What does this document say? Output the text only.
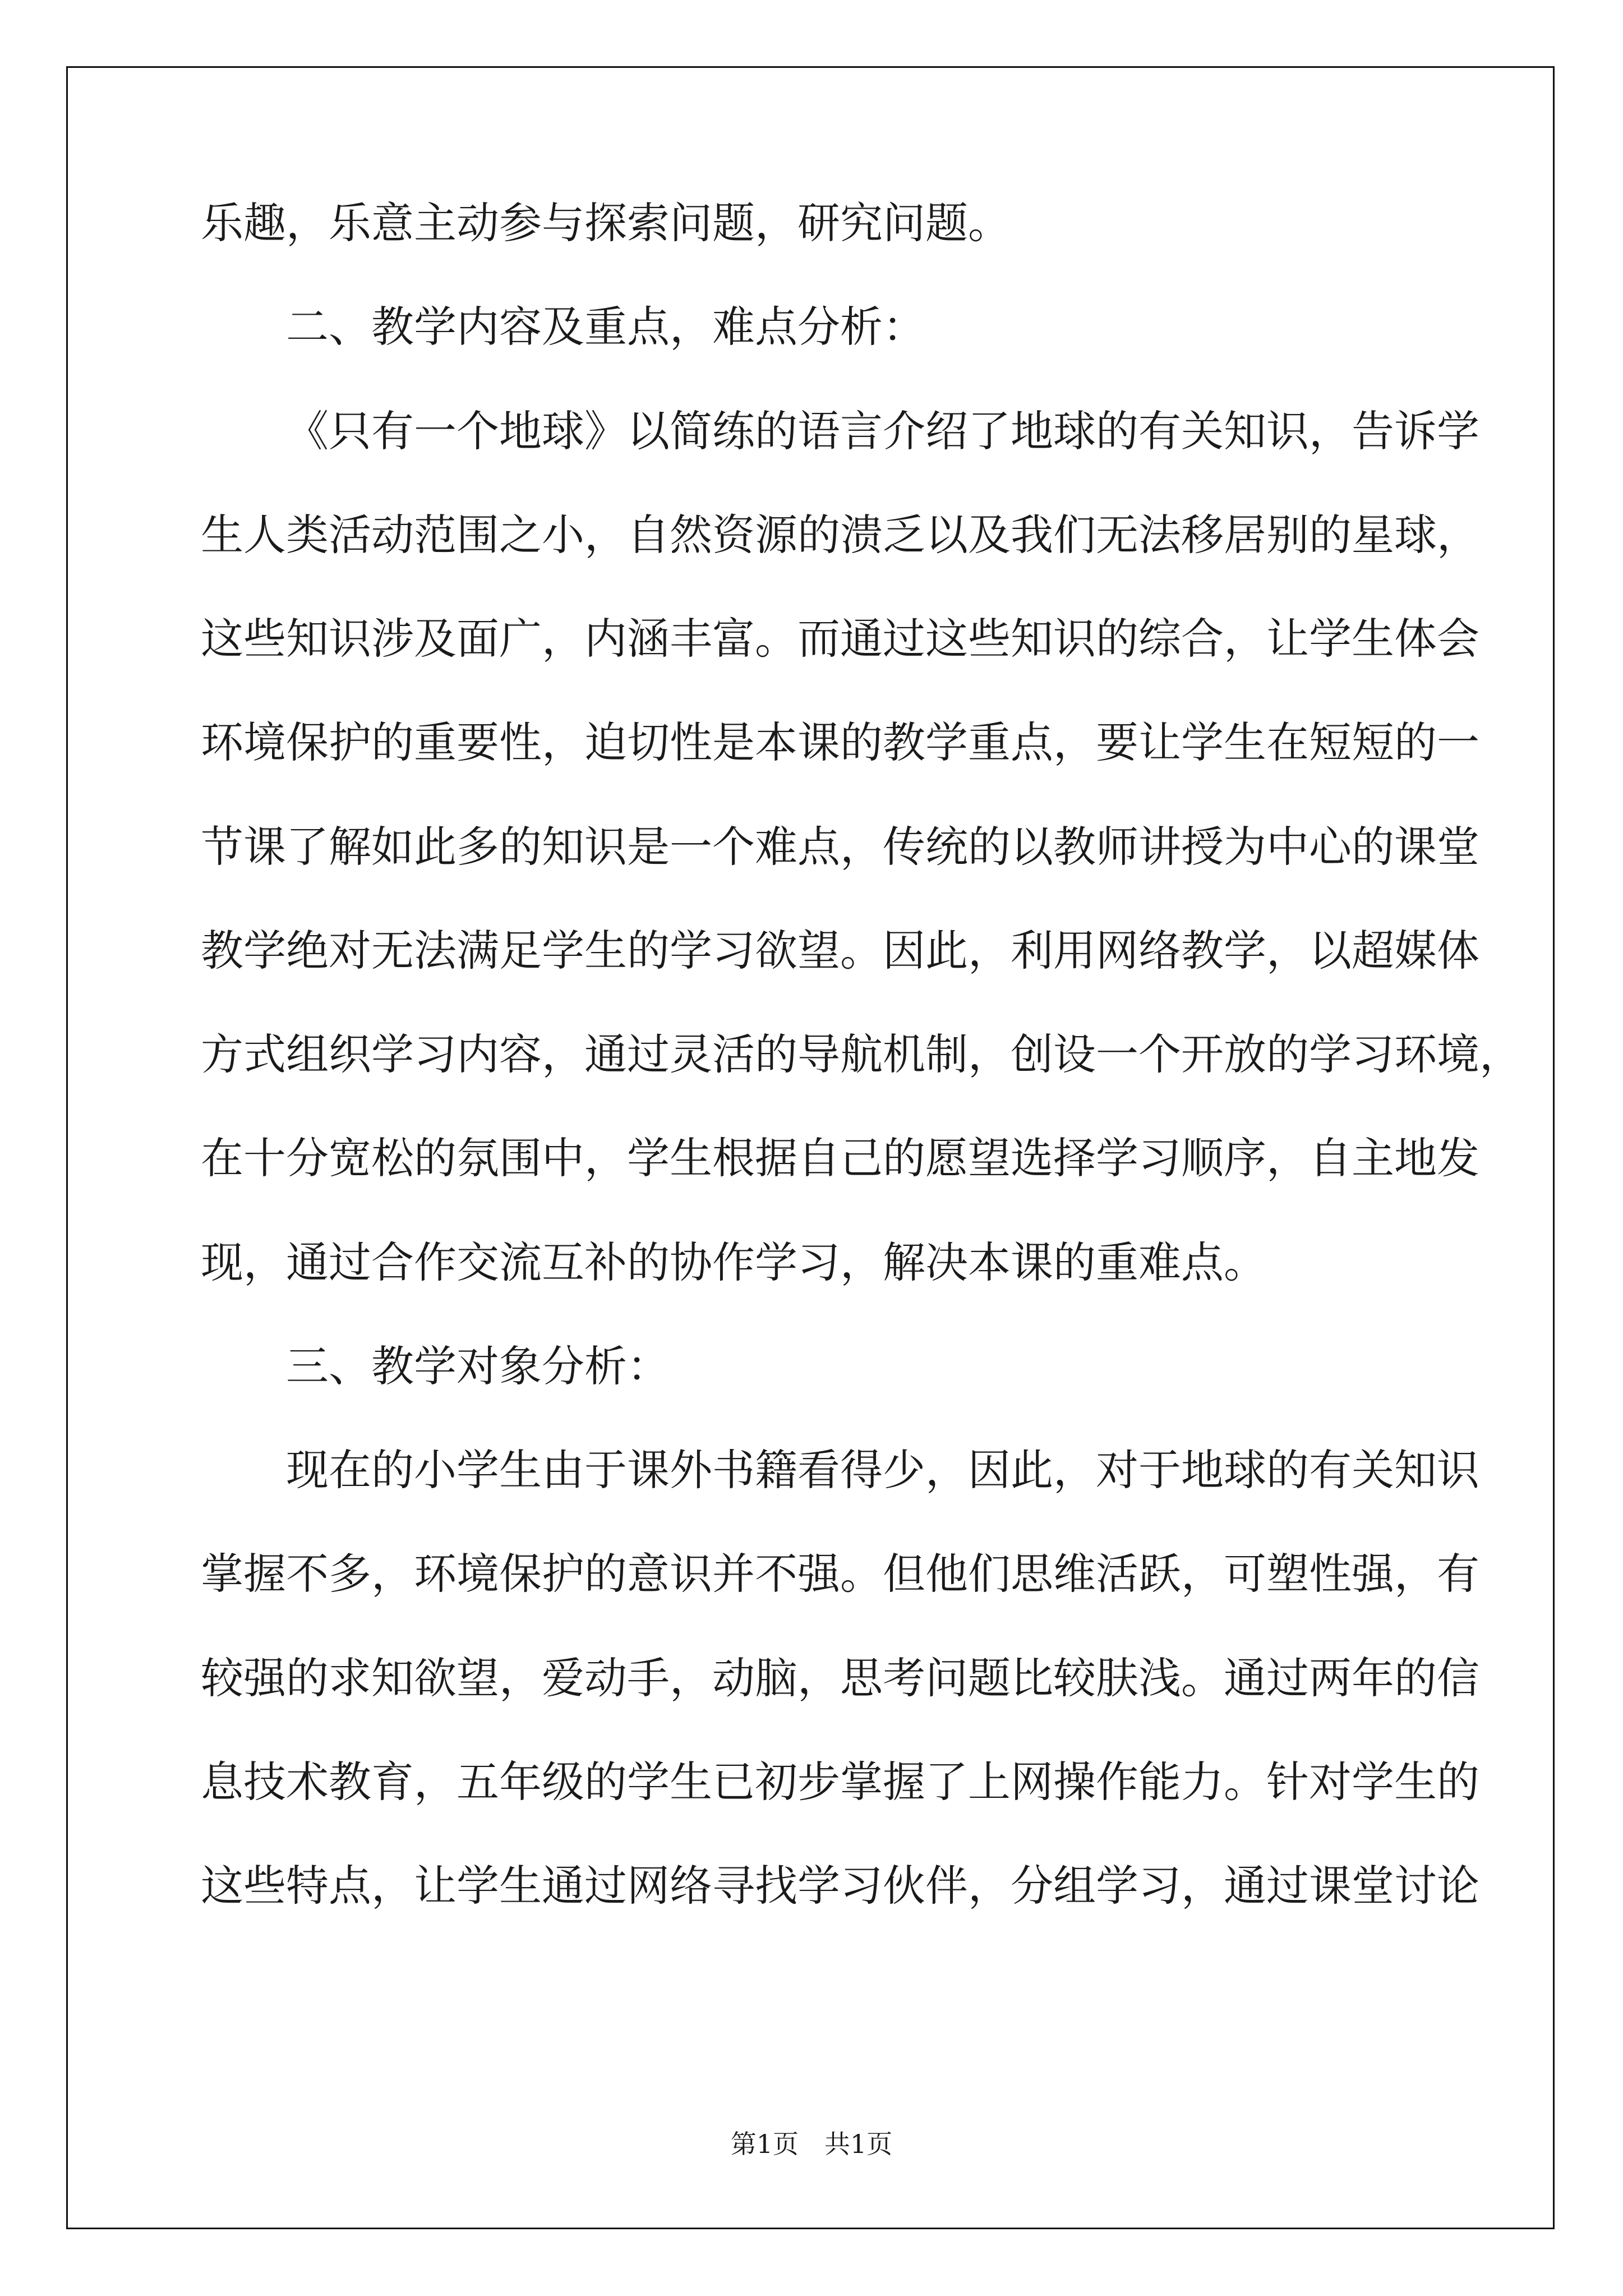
乐趣，乐意主动参与探索问题，研究问题。

二、教学内容及重点，难点分析：

《只有一个地球》以简练的语言介绍了地球的有关知识，告诉学

生人类活动范围之小，自然资源的溃乏以及我们无法移居别的星球，

这些知识涉及面广，内涵丰富。而通过这些知识的综合，让学生体会

环境保护的重要性，迫切性是本课的教学重点，要让学生在短短的一

节课了解如此多的知识是一个难点，传统的以教师讲授为中心的课堂

教学绝对无法满足学生的学习欲望。因此，利用网络教学，以超媒体

方式组织学习内容，通过灵活的导航机制，创设一个开放的学习环境，

在十分宽松的氛围中，学生根据自己的愿望选择学习顺序，自主地发

现，通过合作交流互补的协作学习，解决本课的重难点。

三、教学对象分析：

现在的小学生由于课外书籍看得少，因此，对于地球的有关知识

掌握不多，环境保护的意识并不强。但他们思维活跃，可塑性强，有

较强的求知欲望，爱动手，动脑，思考问题比较肤浅。通过两年的信

息技术教育，五年级的学生已初步掌握了上网操作能力。针对学生的

这些特点，让学生通过网络寻找学习伙伴，分组学习，通过课堂讨论

第1页　共1页
